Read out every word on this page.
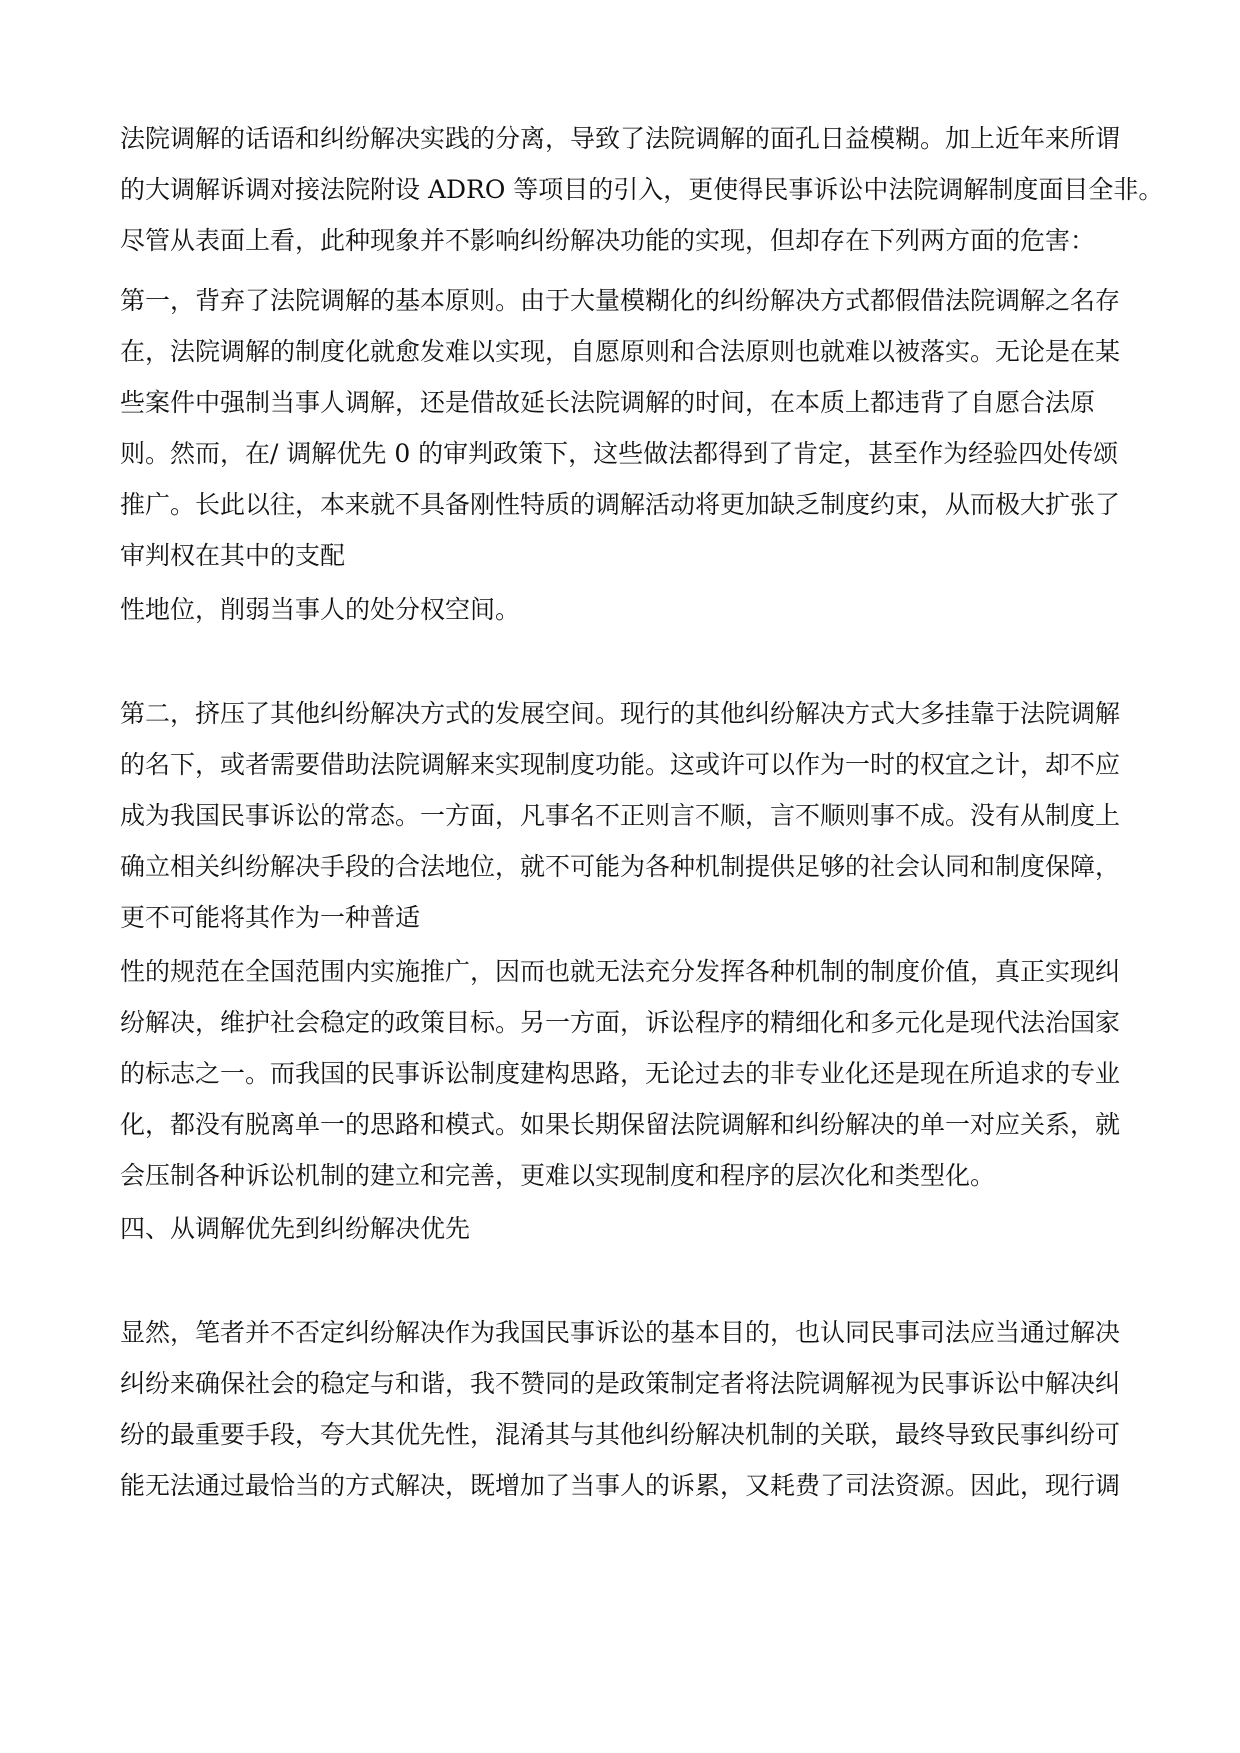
法院调解的话语和纠纷解决实践的分离，导致了法院调解的面孔日益模糊。加上近年来所谓
的大调解诉调对接法院附设 ADRO 等项目的引入，更使得民事诉讼中法院调解制度面目全非。
尽管从表面上看，此种现象并不影响纠纷解决功能的实现，但却存在下列两方面的危害：

第一，背弃了法院调解的基本原则。由于大量模糊化的纠纷解决方式都假借法院调解之名存
在，法院调解的制度化就愈发难以实现，自愿原则和合法原则也就难以被落实。无论是在某
些案件中强制当事人调解，还是借故延长法院调解的时间，在本质上都违背了自愿合法原
则。然而，在/ 调解优先 0 的审判政策下，这些做法都得到了肯定，甚至作为经验四处传颂
推广。长此以往，本来就不具备刚性特质的调解活动将更加缺乏制度约束，从而极大扩张了
审判权在其中的支配

性地位，削弱当事人的处分权空间。

第二，挤压了其他纠纷解决方式的发展空间。现行的其他纠纷解决方式大多挂靠于法院调解
的名下，或者需要借助法院调解来实现制度功能。这或许可以作为一时的权宜之计，却不应
成为我国民事诉讼的常态。一方面，凡事名不正则言不顺，言不顺则事不成。没有从制度上
确立相关纠纷解决手段的合法地位，就不可能为各种机制提供足够的社会认同和制度保障，
更不可能将其作为一种普适

性的规范在全国范围内实施推广，因而也就无法充分发挥各种机制的制度价值，真正实现纠
纷解决，维护社会稳定的政策目标。另一方面，诉讼程序的精细化和多元化是现代法治国家
的标志之一。而我国的民事诉讼制度建构思路，无论过去的非专业化还是现在所追求的专业
化，都没有脱离单一的思路和模式。如果长期保留法院调解和纠纷解决的单一对应关系，就
会压制各种诉讼机制的建立和完善，更难以实现制度和程序的层次化和类型化。

四、从调解优先到纠纷解决优先

显然，笔者并不否定纠纷解决作为我国民事诉讼的基本目的，也认同民事司法应当通过解决
纠纷来确保社会的稳定与和谐，我不赞同的是政策制定者将法院调解视为民事诉讼中解决纠
纷的最重要手段，夸大其优先性，混淆其与其他纠纷解决机制的关联，最终导致民事纠纷可
能无法通过最恰当的方式解决，既增加了当事人的诉累，又耗费了司法资源。因此，现行调
